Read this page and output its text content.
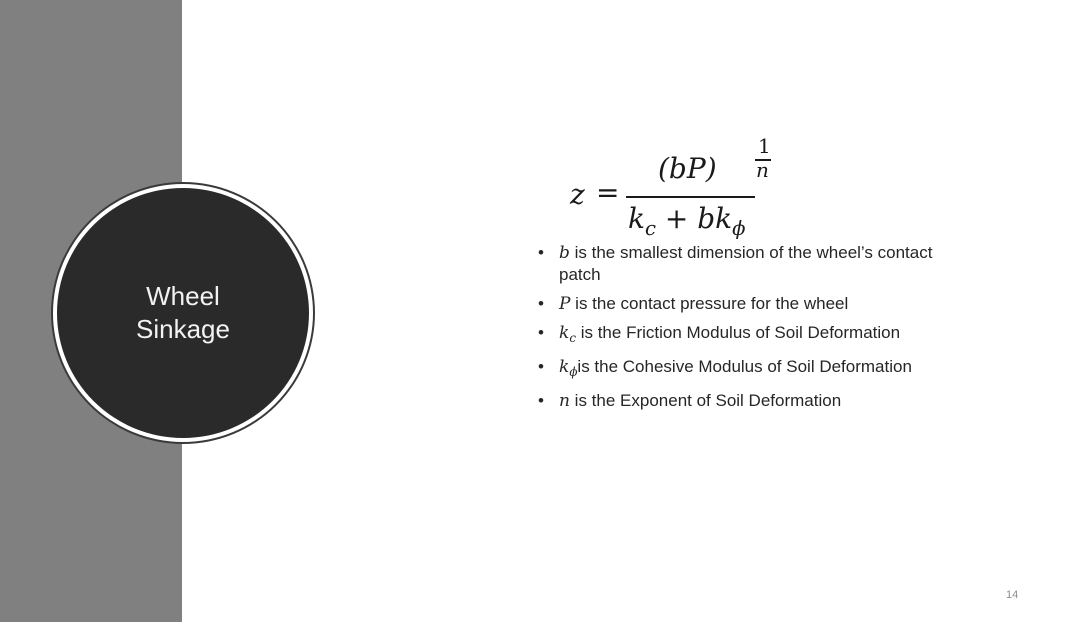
Wheel
Sinkage
z =
(bP)
$k_c + bk_\phi$
1
n
• b is the smallest dimension of the wheel’s contact patch
• P is the contact pressure for the wheel
• $k_c$ is the Friction Modulus of Soil Deformation
• $k_\phi is$ the Cohesive Modulus of Soil Deformation
• n is the Exponent of Soil Deformation
14
